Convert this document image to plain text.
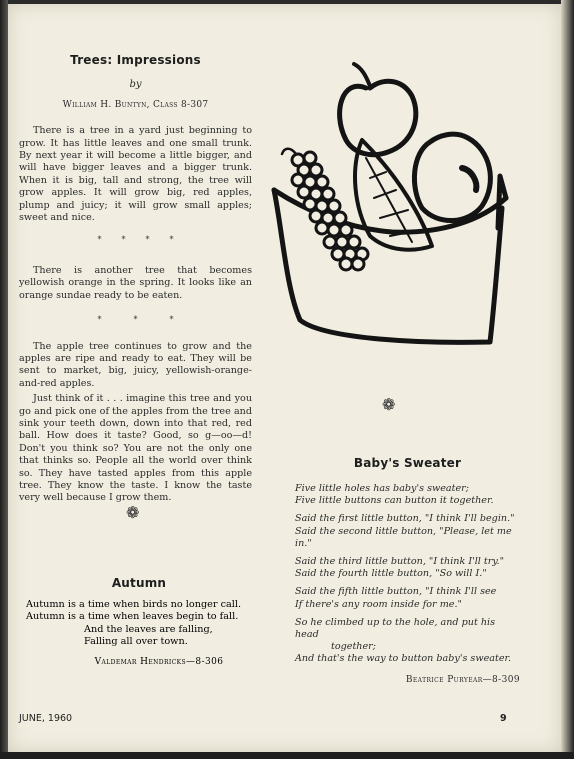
Trees: Impressions
by
William H. Buntyn, Class 8-307

There is a tree in a yard just beginning to grow. It has little leaves and one small trunk. By next year it will become a little bigger, and will have bigger leaves and a bigger trunk. When it is big, tall and strong, the tree will grow apples. It will grow big, red apples, plump and juicy; it will grow small apples; sweet and nice.

*	*	*	*

There is another tree that becomes yellowish orange in the spring. It looks like an orange sundae ready to be eaten.

*	*	*

The apple tree continues to grow and the apples are ripe and ready to eat. They will be sent to market, big, juicy, yellowish-orange-and-red apples.

Just think of it . . . imagine this tree and you go and pick one of the apples from the tree and sink your teeth down, down into that red, red ball. How does it taste? Good, so g—oo—d! Don't you think so? You are not the only one that thinks so. People all the world over think so. They have tasted apples from this apple tree. They know the taste. I know the taste very well because I grow them.

❁
Autumn
Autumn is a time when birds no longer call.
Autumn is a time when leaves begin to fall.
And the leaves are falling,
Falling all over town.
Valdemar Hendricks—8-306
❁
Baby's Sweater
Five little holes has baby's sweater;
Five little buttons can button it together.
Said the first little button, "I think I'll begin."
Said the second little button, "Please, let me in."
Said the third little button, "I think I'll try."
Said the fourth little button, "So will I."
Said the fifth little button, "I think I'll see
If there's any room inside for me."
So he climbed up to the hole, and put his head
together;
And that's the way to button baby's sweater.
Beatrice Puryear—8-309
JUNE, 1960	9
